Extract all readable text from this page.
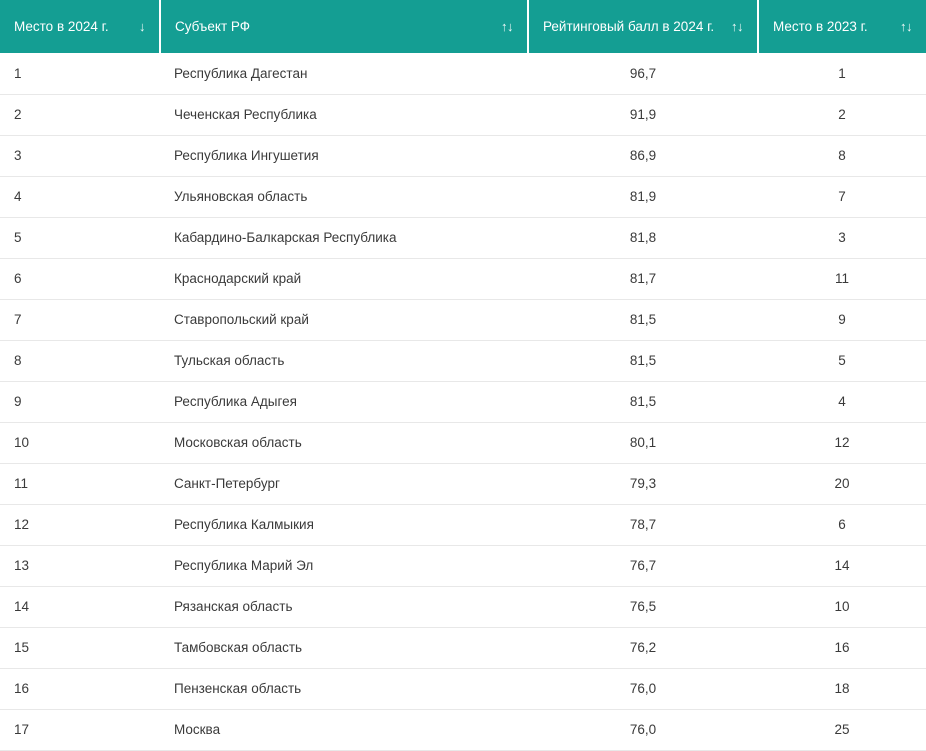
Место в 2024 г. ↓	Субъект РФ ↑↓	Рейтинговый балл в 2024 г. ↑↓	Место в 2023 г. ↑↓

1	Республика Дагестан	96,7	1
2	Чеченская Республика	91,9	2
3	Республика Ингушетия	86,9	8
4	Ульяновская область	81,9	7
5	Кабардино-Балкарская Республика	81,8	3
6	Краснодарский край	81,7	11
7	Ставропольский край	81,5	9
8	Тульская область	81,5	5
9	Республика Адыгея	81,5	4
10	Московская область	80,1	12
11	Санкт-Петербург	79,3	20
12	Республика Калмыкия	78,7	6
13	Республика Марий Эл	76,7	14
14	Рязанская область	76,5	10
15	Тамбовская область	76,2	16
16	Пензенская область	76,0	18
17	Москва	76,0	25
